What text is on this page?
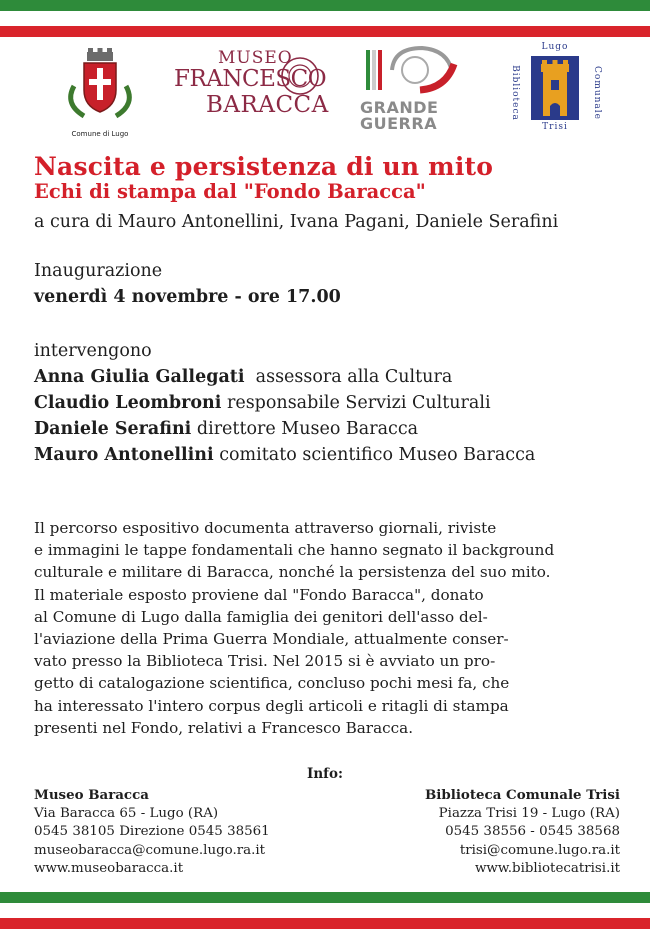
Comune di Lugo
MUSEO
FRANCESCO
BARACCA GRANDE
GUERRA
Lugo
Biblioteca	Comunale
Trisi
Nascita e persistenza di un mito
Echi di stampa dal "Fondo Baracca"
a cura di Mauro Antonellini, Ivana Pagani, Daniele Serafini
Inaugurazione
venerdì 4 novembre - ore 17.00
intervengono
Anna Giulia Gallegati  assessora alla Cultura
Claudio Leombroni responsabile Servizi Culturali
Daniele Serafini direttore Museo Baracca
Mauro Antonellini comitato scientifico Museo Baracca
Il percorso espositivo documenta attraverso giornali, riviste
e immagini le tappe fondamentali che hanno segnato il background
culturale e militare di Baracca, nonché la persistenza del suo mito.
Il materiale esposto proviene dal "Fondo Baracca", donato
al Comune di Lugo dalla famiglia dei genitori dell'asso del-
l'aviazione della Prima Guerra Mondiale, attualmente conser-
vato presso la Biblioteca Trisi. Nel 2015 si è avviato un pro-
getto di catalogazione scientifica, concluso pochi mesi fa, che
ha interessato l'intero corpus degli articoli e ritagli di stampa
presenti nel Fondo, relativi a Francesco Baracca.
Info:
Museo Baracca
Via Baracca 65 - Lugo (RA)
0545 38105 Direzione 0545 38561
museobaracca@comune.lugo.ra.it
www.museobaracca.it
Biblioteca Comunale Trisi
Piazza Trisi 19 - Lugo (RA)
0545 38556 - 0545 38568
trisi@comune.lugo.ra.it
www.bibliotecatrisi.it
